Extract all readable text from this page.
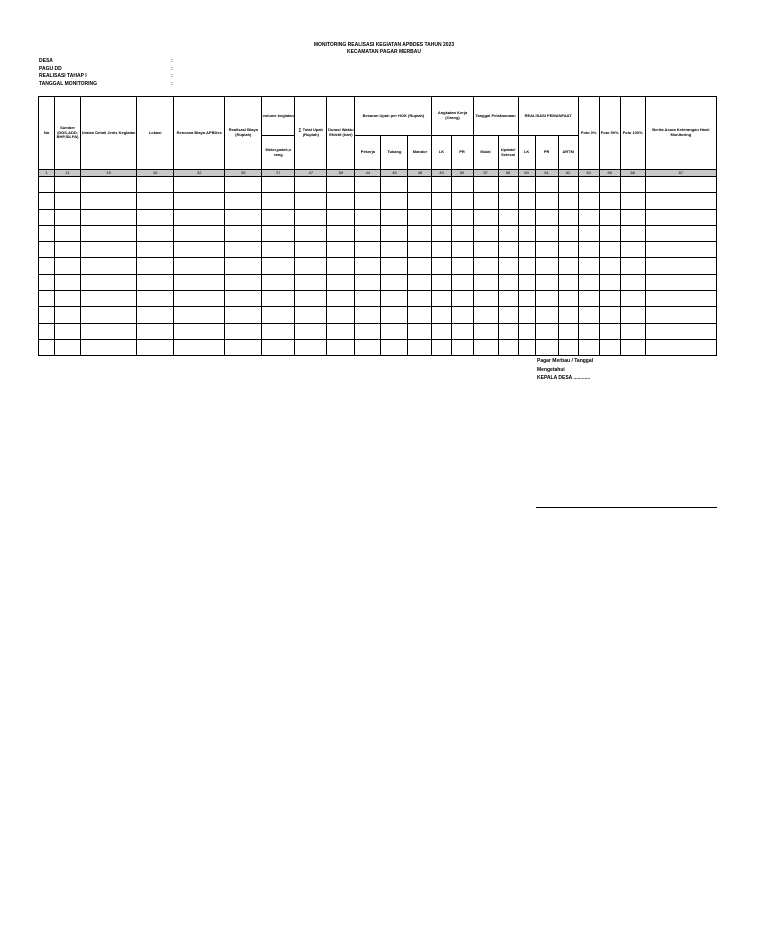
MONITORING REALISASI KEGIATAN APBDES TAHUN 2023
KECAMATAN PAGAR MERBAU
DESA	:
PAGU DD	:
REALISASI TAHAP I	:
TANGGAL MONITORING	:
No	Sumber (DDS,ADD, BHP,SILPA)	Uraian Detail Jenis Kegiatan	Lokasi	Rencana Biaya APBDes	Realisasi Biaya (Rupiah)	volume kegiatan	∑ Total Upah (Rupiah)	Durasi Waktu Efektif (hari)	Besaran Upah per HOK (Rupiah)			Angkatan Kerja (Orang)		Tanggal Pelaksanaan		REALISASI PEMANFAAT			Foto 0%	Foto 50%	Foto 100%	Berita Acara Keterangan Hasil Monitoring
						Meter,paket,o rang			Pekerja	Tukang	Mandor	LK	PR	Mulai	Update/ Selesai	LK	PR	ARTM				
1	11	15	16	32	35	27	47	59	44	45	46	49	50	57	58	60	61	62	64	65	66	67

Pagar Merbau / Tanggal
Mengetahui
KEPALA DESA ............
